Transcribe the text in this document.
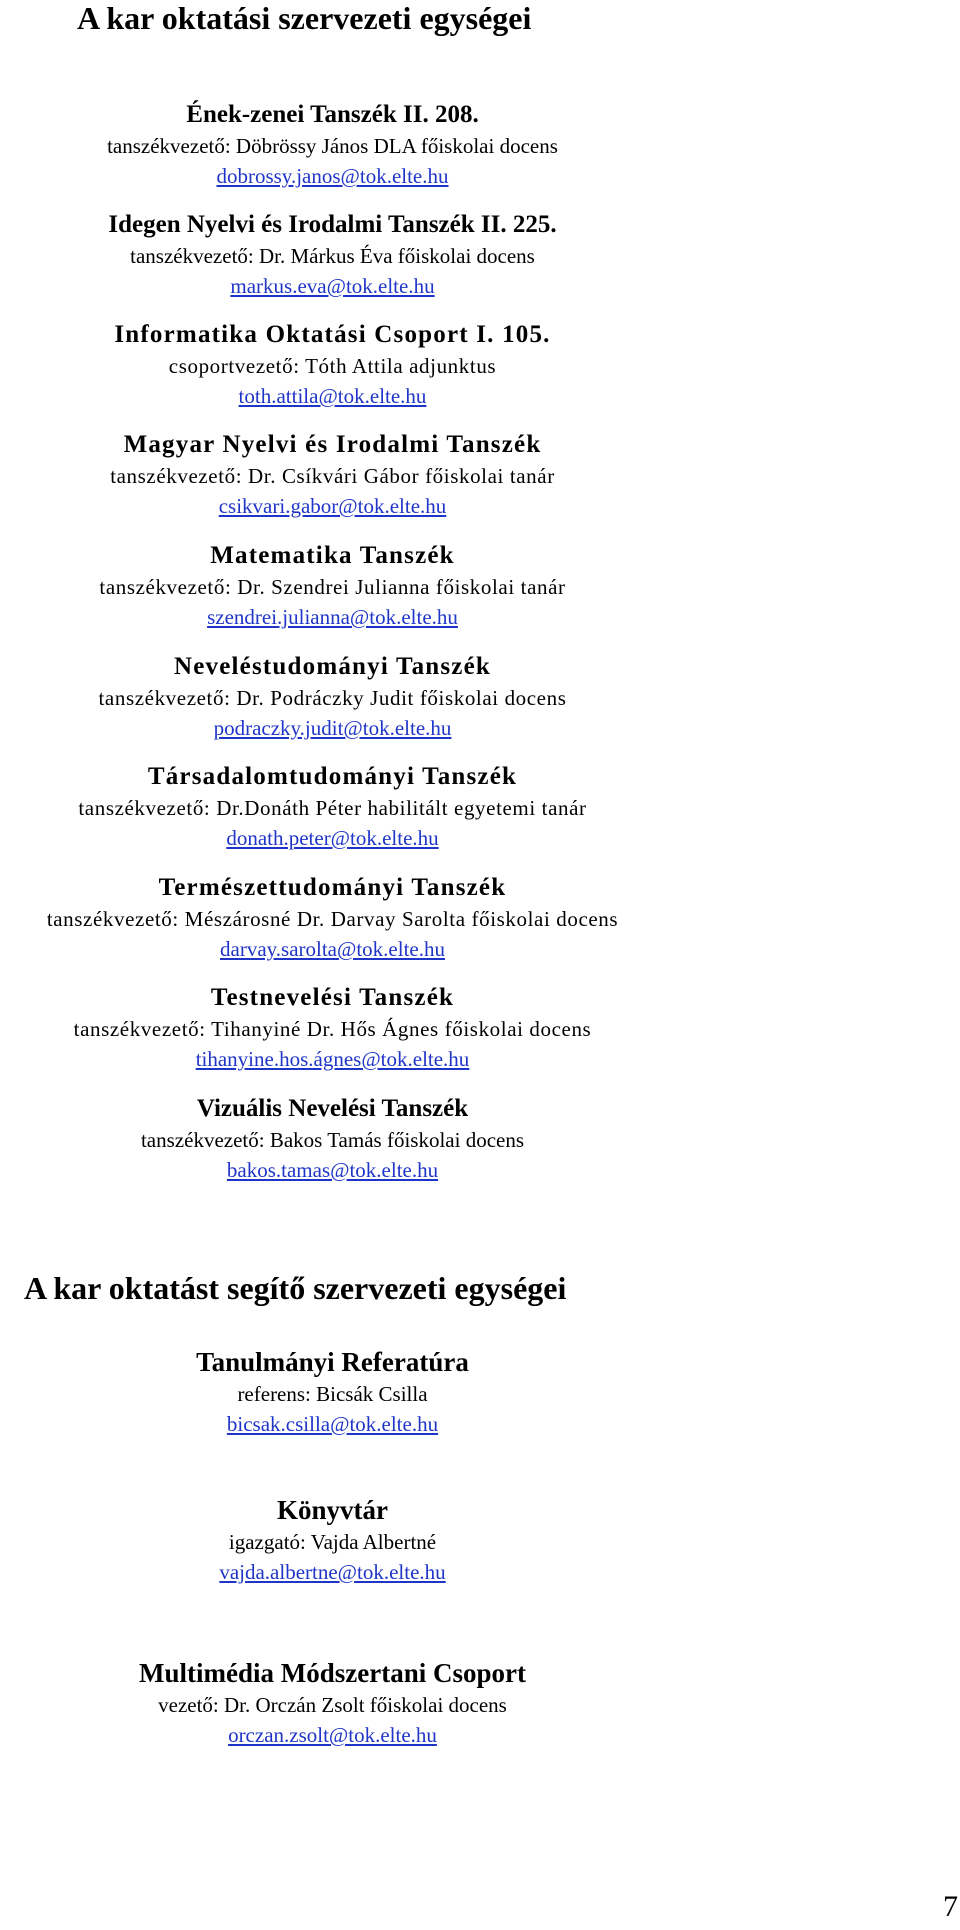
A kar oktatási szervezeti egységei
Ének-zenei Tanszék II. 208.
tanszékvezető: Döbrössy János DLA főiskolai docens
dobrossy.janos@tok.elte.hu
Idegen Nyelvi és Irodalmi Tanszék II. 225.
tanszékvezető: Dr. Márkus Éva főiskolai docens
markus.eva@tok.elte.hu
Informatika Oktatási Csoport I. 105.
csoportvezető: Tóth Attila adjunktus
toth.attila@tok.elte.hu
Magyar Nyelvi és Irodalmi Tanszék
tanszékvezető: Dr. Csíkvári Gábor főiskolai tanár
csikvari.gabor@tok.elte.hu
Matematika Tanszék
tanszékvezető: Dr. Szendrei Julianna főiskolai tanár
szendrei.julianna@tok.elte.hu
Neveléstudományi Tanszék
tanszékvezető: Dr. Podráczky Judit főiskolai docens
podraczky.judit@tok.elte.hu
Társadalomtudományi Tanszék
tanszékvezető: Dr.Donáth Péter habilitált egyetemi tanár
donath.peter@tok.elte.hu
Természettudományi Tanszék
tanszékvezető: Mészárosné Dr. Darvay Sarolta főiskolai docens
darvay.sarolta@tok.elte.hu
Testnevelési Tanszék
tanszékvezető: Tihanyiné Dr. Hős Ágnes főiskolai docens
tihanyine.hos.ágnes@tok.elte.hu
Vizuális Nevelési Tanszék
tanszékvezető: Bakos Tamás főiskolai docens
bakos.tamas@tok.elte.hu
A kar oktatást segítő szervezeti egységei
Tanulmányi Referatúra
referens: Bicsák Csilla
bicsak.csilla@tok.elte.hu
Könyvtár
igazgató: Vajda Albertné
vajda.albertne@tok.elte.hu
Multimédia Módszertani Csoport
vezető: Dr. Orczán Zsolt főiskolai docens
orczan.zsolt@tok.elte.hu
7
